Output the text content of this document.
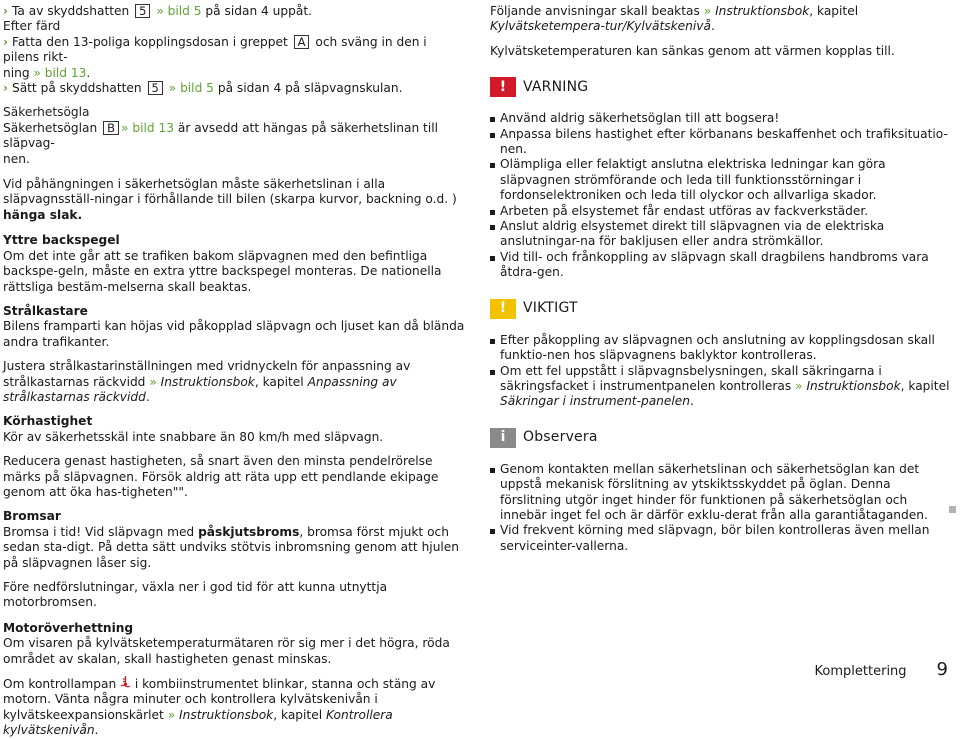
› Ta av skyddshatten 5 » bild 5 på sidan 4 uppåt.

Efter färd

› Fatta den 13-poliga kopplingsdosan i greppet A och sväng in den i pilens rikt-
ning » bild 13.

› Sätt på skyddshatten 5 » bild 5 på sidan 4 på släpvagnskulan.

Säkerhetsögla

Säkerhetsöglan B » bild 13 är avsedd att hängas på säkerhetslinan till släpvag-
nen.

Vid påhängningen i säkerhetsöglan måste säkerhetslinan i alla släpvagnsställ-ningar i förhållande till bilen (skarpa kurvor, backning o.d. ) hänga slak.

Yttre backspegel

Om det inte går att se trafiken bakom släpvagnen med den befintliga backspe-geln, måste en extra yttre backspegel monteras. De nationella rättsliga bestäm-melserna skall beaktas.

Strålkastare

Bilens framparti kan höjas vid påkopplad släpvagn och ljuset kan då blända andra trafikanter.

Justera strålkastarinställningen med vridnyckeln för anpassning av strålkastarnas räckvidd » Instruktionsbok, kapitel Anpassning av strålkastarnas räckvidd.

Körhastighet

Kör av säkerhetsskäl inte snabbare än 80 km/h med släpvagn.

Reducera genast hastigheten, så snart även den minsta pendelrörelse märks på släpvagnen. Försök aldrig att räta upp ett pendlande ekipage genom att öka has-tigheten"".

Bromsar

Bromsa i tid! Vid släpvagn med påskjutsbroms, bromsa först mjukt och sedan sta-digt. På detta sätt undviks stötvis inbromsning genom att hjulen på släpvagnen låser sig.

Före nedförslutningar, växla ner i god tid för att kunna utnyttja motorbromsen.

Motoröverhettning

Om visaren på kylvätsketemperaturmätaren rör sig mer i det högra, röda området av skalan, skall hastigheten genast minskas.

Om kontrollampan  i kombiinstrumentet blinkar, stanna och stäng av motorn. Vänta några minuter och kontrollera kylvätskenivån i kylvätskeexpansionskärlet » Instruktionsbok, kapitel Kontrollera kylvätskenivån.

Följande anvisningar skall beaktas » Instruktionsbok, kapitel Kylvätsketempera-tur/Kylvätskenivå.

Kylvätsketemperaturen kan sänkas genom att värmen kopplas till.

!	VARNING
Använd aldrig säkerhetsöglan till att bogsera!
Anpassa bilens hastighet efter körbanans beskaffenhet och trafiksituatio-nen.
Olämpliga eller felaktigt anslutna elektriska ledningar kan göra släpvagnen strömförande och leda till funktionsstörningar i fordonselektroniken och leda till olyckor och allvarliga skador.
Arbeten på elsystemet får endast utföras av fackverkstäder.
Anslut aldrig elsystemet direkt till släpvagnen via de elektriska anslutningar-na för bakljusen eller andra strömkällor.
Vid till- och frånkoppling av släpvagn skall dragbilens handbroms vara åtdra-gen.
!	VIKTIGT
Efter påkoppling av släpvagnen och anslutning av kopplingsdosan skall funktio-nen hos släpvagnens baklyktor kontrolleras.
Om ett fel uppstått i släpvagnsbelysningen, skall säkringarna i säkringsfacket i instrumentpanelen kontrolleras » Instruktionsbok, kapitel Säkringar i instrument-panelen.
i	Observera
Genom kontakten mellan säkerhetslinan och säkerhetsöglan kan det uppstå mekanisk förslitning av ytskiktsskyddet på öglan. Denna förslitning utgör inget hinder för funktionen på säkerhetsöglan och innebär inget fel och är därför exklu-derat från alla garantiåtaganden.
Vid frekvent körning med släpvagn, bör bilen kontrolleras även mellan serviceinter-vallerna.
Komplettering 9
